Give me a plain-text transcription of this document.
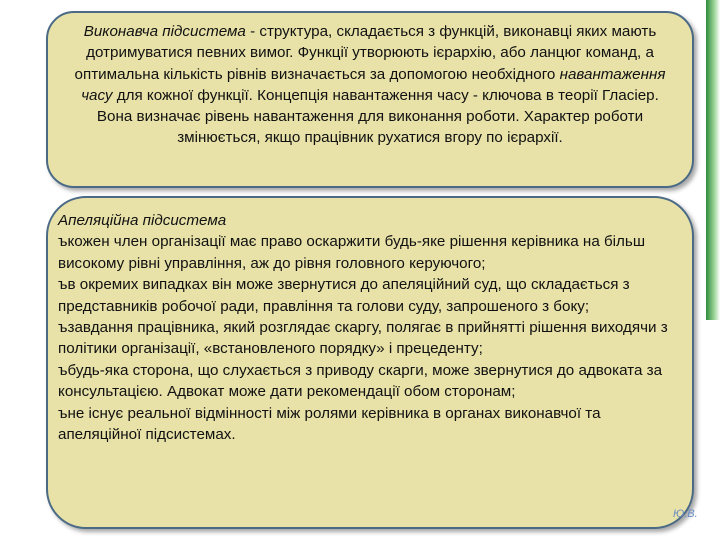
Виконавча підсистема - структура, складається з функцій, виконавці яких мають дотримуватися певних вимог. Функції утворюють ієрархію, або ланцюг команд, а оптимальна кількість рівнів визначається за допомогою необхідного навантаження часу для кожної функції. Концепція навантаження часу - ключова в теорії Гласіер. Вона визначає рівень навантаження для виконання роботи. Характер роботи змінюється, якщо працівник рухатися вгору по ієрархії.

Апеляційна підсистема

ъкожен член організації має право оскаржити будь-яке рішення керівника на більш високому рівні управління, аж до рівня головного керуючого;

ъв окремих випадках він може звернутися до апеляційний суд, що складається з представників робочої ради, правління та голови суду, запрошеного з боку;

ъзавдання працівника, який розглядає скаргу, полягає в прийнятті рішення виходячи з політики організації, «встановленого порядку» і прецеденту;

ъбудь-яка сторона, що слухається з приводу скарги, може звернутися до адвоката за консультацією. Адвокат може дати рекомендації обом сторонам;

ъне існує реальної відмінності між ролями керівника в органах виконавчої та апеляційної підсистемах.

Ю.В.
